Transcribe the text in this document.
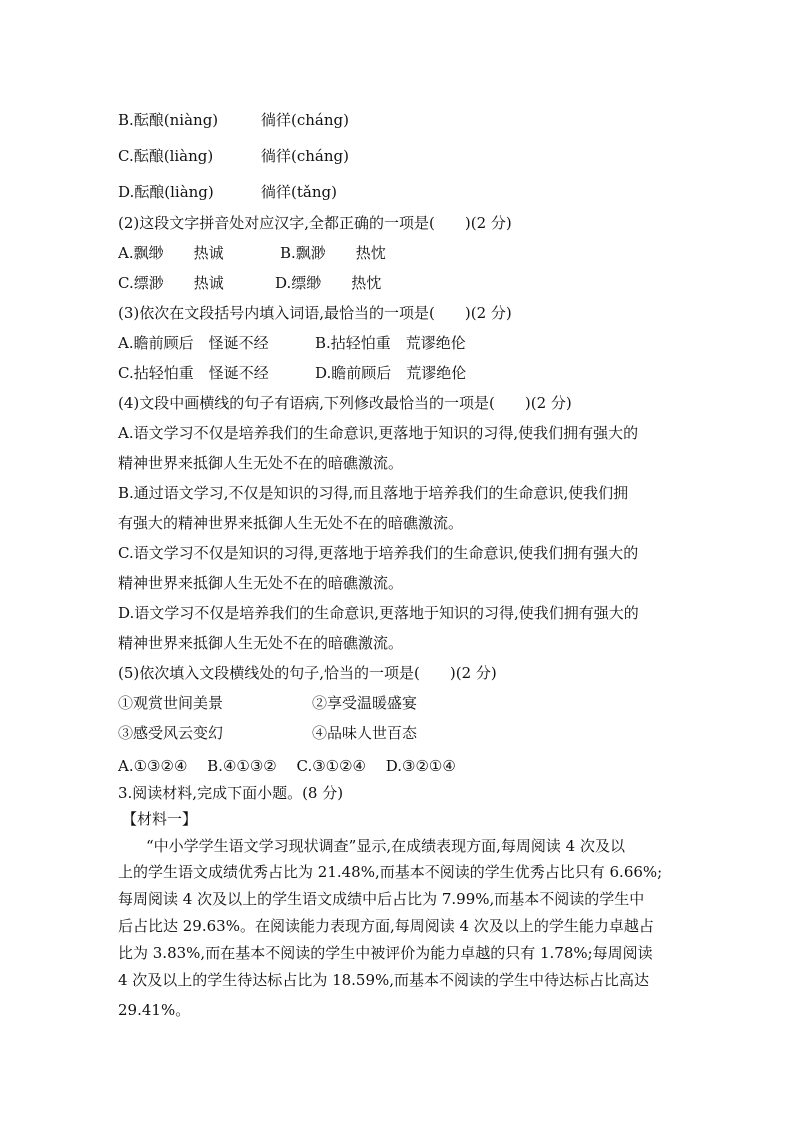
B.酝酿(niàng)	徜徉(cháng)
C.酝酿(liàng)	徜徉(cháng)
D.酝酿(liàng)	徜徉(tǎng)
(2)这段文字拼音处对应汉字,全都正确的一项是(　　)(2 分)
A.飘缈　　热诚	B.飘渺　　热忱
C.缥渺　　热诚	D.缥缈　　热忱
(3)依次在文段括号内填入词语,最恰当的一项是(　　)(2 分)
A.瞻前顾后　怪诞不经	B.拈轻怕重　荒谬绝伦
C.拈轻怕重　怪诞不经	D.瞻前顾后　荒谬绝伦
(4)文段中画横线的句子有语病,下列修改最恰当的一项是(　　)(2 分)
A.语文学习不仅是培养我们的生命意识,更落地于知识的习得,使我们拥有强大的
精神世界来抵御人生无处不在的暗礁激流。
B.通过语文学习,不仅是知识的习得,而且落地于培养我们的生命意识,使我们拥
有强大的精神世界来抵御人生无处不在的暗礁激流。
C.语文学习不仅是知识的习得,更落地于培养我们的生命意识,使我们拥有强大的
精神世界来抵御人生无处不在的暗礁激流。
D.语文学习不仅是培养我们的生命意识,更落地于知识的习得,使我们拥有强大的
精神世界来抵御人生无处不在的暗礁激流。
(5)依次填入文段横线处的句子,恰当的一项是(　　)(2 分)
①观赏世间美景	②享受温暖盛宴
③感受风云变幻	④品味人世百态
A.①③②④　 B.④①③②　 C.③①②④　 D.③②①④
3.阅读材料,完成下面小题。(8 分)
【材料一】
“中小学学生语文学习现状调查”显示,在成绩表现方面,每周阅读 4 次及以
上的学生语文成绩优秀占比为 21.48%,而基本不阅读的学生优秀占比只有 6.66%;
每周阅读 4 次及以上的学生语文成绩中后占比为 7.99%,而基本不阅读的学生中
后占比达 29.63%。在阅读能力表现方面,每周阅读 4 次及以上的学生能力卓越占
比为 3.83%,而在基本不阅读的学生中被评价为能力卓越的只有 1.78%;每周阅读
4 次及以上的学生待达标占比为 18.59%,而基本不阅读的学生中待达标占比高达
29.41%。
